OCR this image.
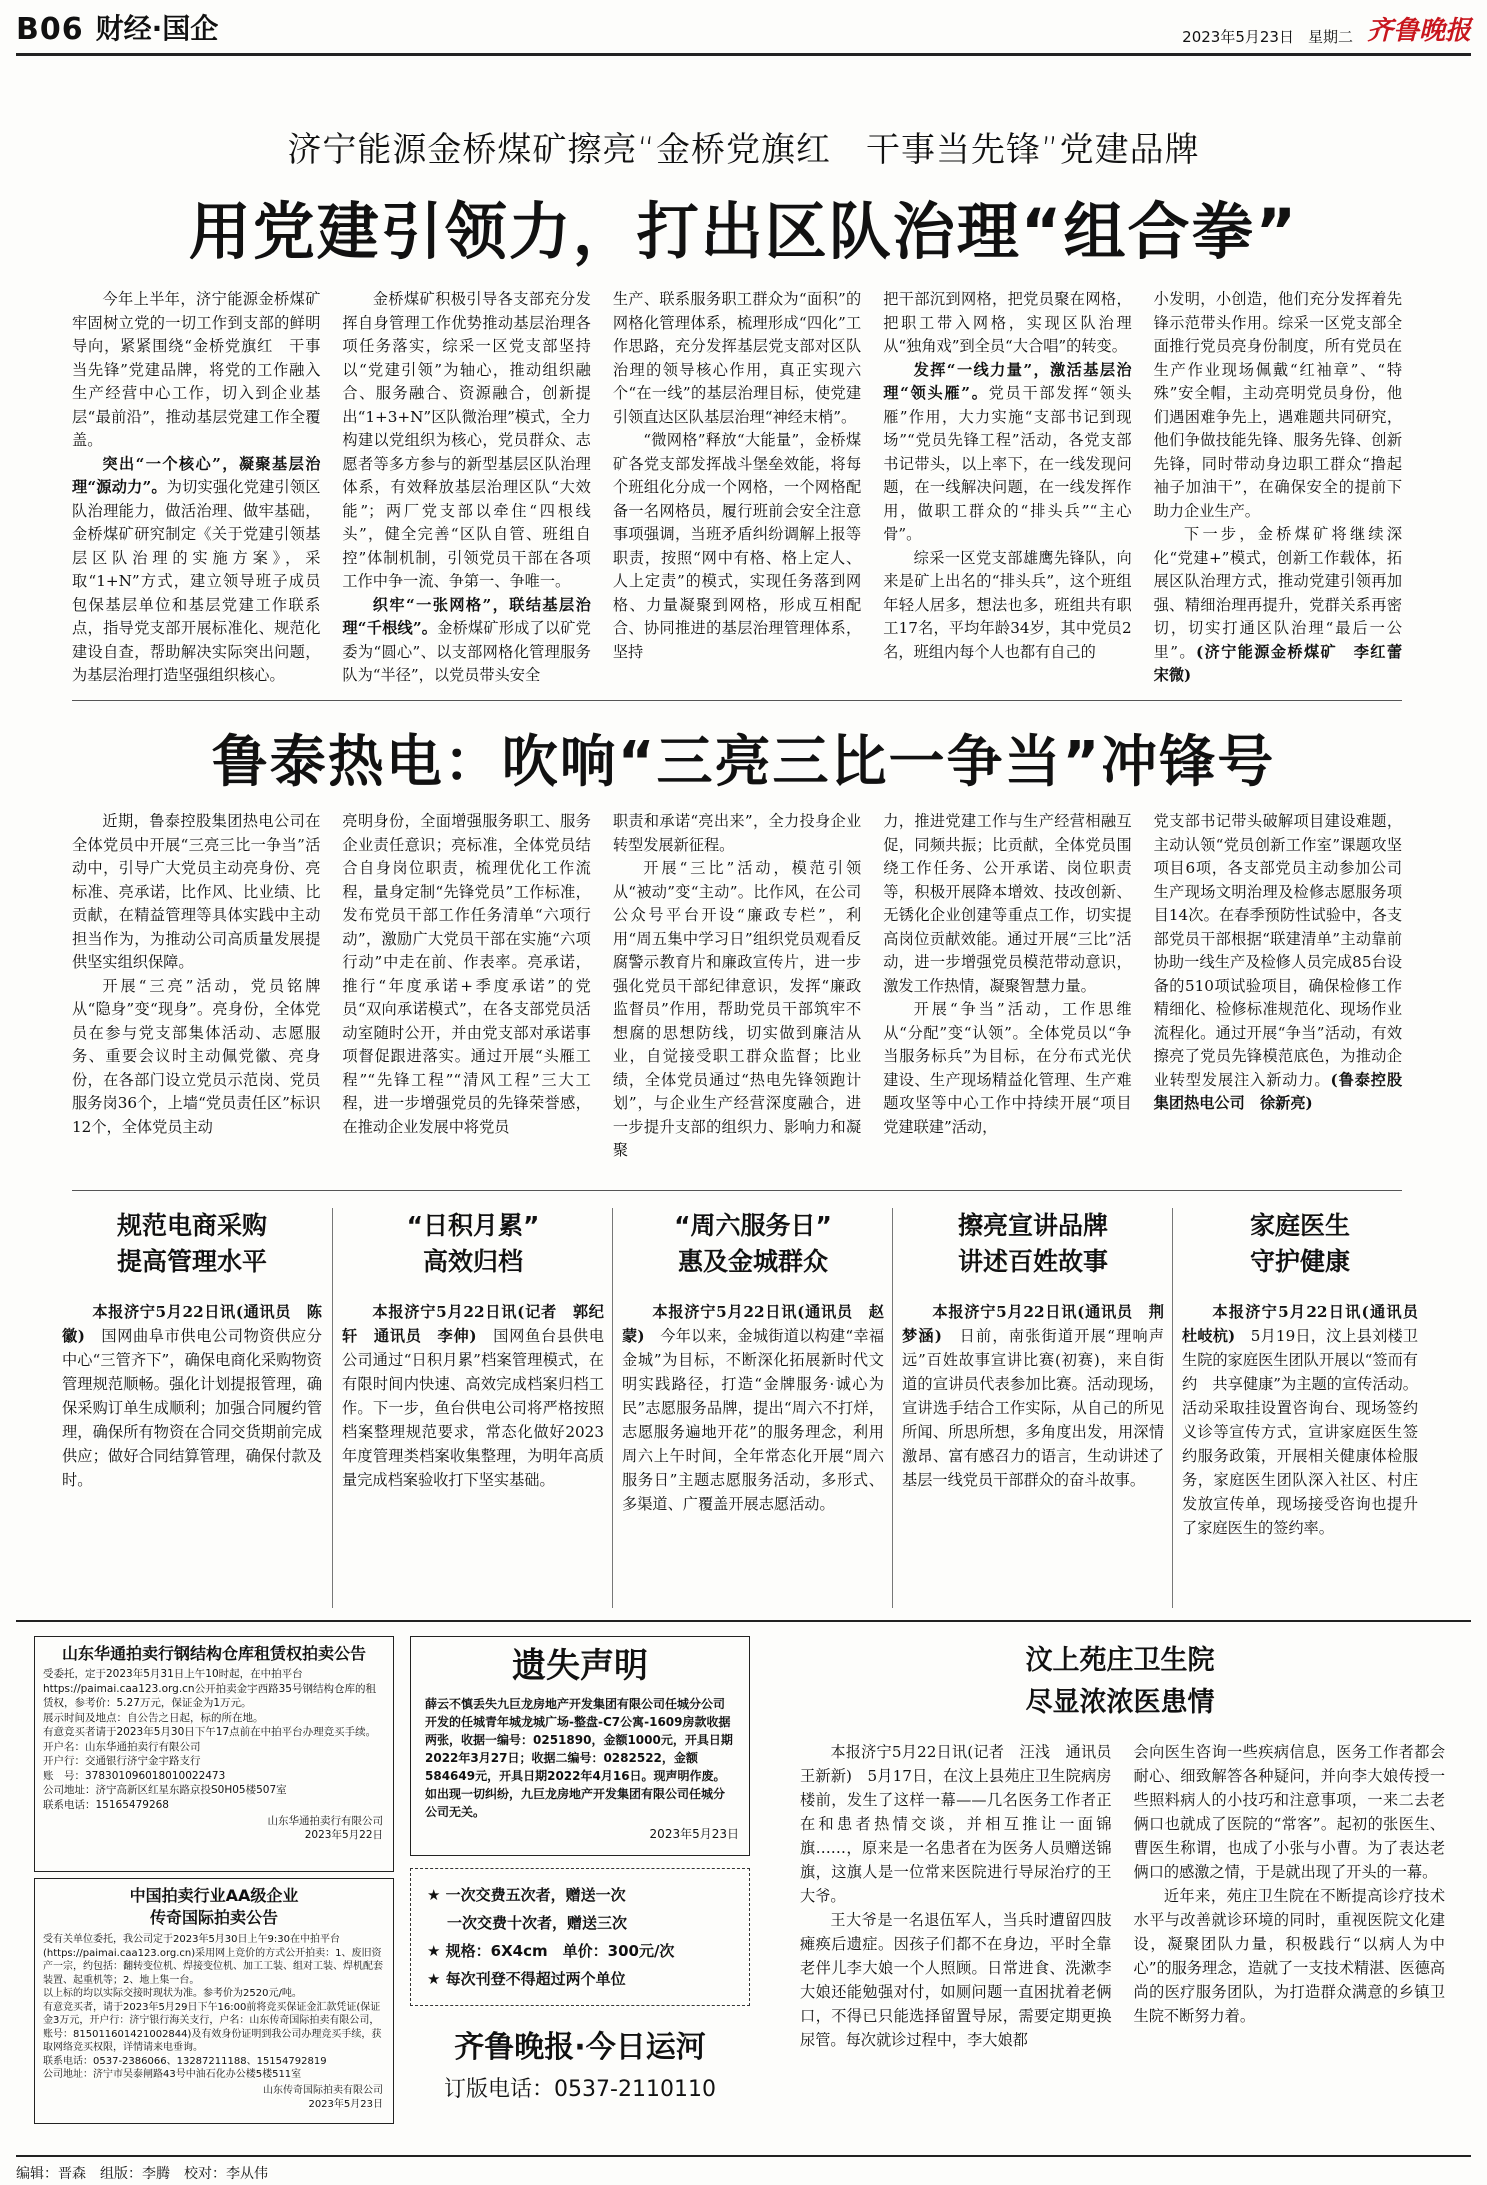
B06 财经·国企	2023年5月23日 星期二 齐鲁晚报
济宁能源金桥煤矿擦亮“金桥党旗红　干事当先锋”党建品牌
用党建引领力，打出区队治理“组合拳”

今年上半年，济宁能源金桥煤矿牢固树立党的一切工作到支部的鲜明导向，紧紧围绕“金桥党旗红　干事当先锋”党建品牌，将党的工作融入生产经营中心工作，切入到企业基层“最前沿”，推动基层党建工作全覆盖。

突出“一个核心”，凝聚基层治理“源动力”。为切实强化党建引领区队治理能力，做活治理、做牢基础，金桥煤矿研究制定《关于党建引领基层区队治理的实施方案》，采取“1+N”方式，建立领导班子成员包保基层单位和基层党建工作联系点，指导党支部开展标准化、规范化建设自查，帮助解决实际突出问题，为基层治理打造坚强组织核心。

金桥煤矿积极引导各支部充分发挥自身管理工作优势推动基层治理各项任务落实，综采一区党支部坚持以“党建引领”为轴心，推动组织融合、服务融合、资源融合，创新提出“1+3+N”区队微治理”模式，全力构建以党组织为核心，党员群众、志愿者等多方参与的新型基层区队治理体系，有效释放基层治理区队“大效能”；两厂党支部以牵住“四根线头”，健全完善“区队自管、班组自控”体制机制，引领党员干部在各项工作中争一流、争第一、争唯一。

织牢“一张网格”，联结基层治理“千根线”。金桥煤矿形成了以矿党委为“圆心”、以支部网格化管理服务队为“半径”，以党员带头安全

生产、联系服务职工群众为“面积”的网格化管理体系，梳理形成“四化”工作思路，充分发挥基层党支部对区队治理的领导核心作用，真正实现六个“在一线”的基层治理目标，使党建引领直达区队基层治理“神经末梢”。

“微网格”释放“大能量”，金桥煤矿各党支部发挥战斗堡垒效能，将每个班组化分成一个网格，一个网格配备一名网格员，履行班前会安全注意事项强调，当班矛盾纠纷调解上报等职责，按照“网中有格、格上定人、人上定责”的模式，实现任务落到网格、力量凝聚到网格，形成互相配合、协同推进的基层治理管理体系，坚持

把干部沉到网格，把党员聚在网格，把职工带入网格，实现区队治理从“独角戏”到全员“大合唱”的转变。

发挥“一线力量”，激活基层治理“领头雁”。党员干部发挥“领头雁”作用，大力实施“支部书记到现场”“党员先锋工程”活动，各党支部书记带头，以上率下，在一线发现问题，在一线解决问题，在一线发挥作用，做职工群众的“排头兵”“主心骨”。

综采一区党支部雄鹰先锋队，向来是矿上出名的“排头兵”，这个班组年轻人居多，想法也多，班组共有职工17名，平均年龄34岁，其中党员2名，班组内每个人也都有自己的

小发明，小创造，他们充分发挥着先锋示范带头作用。综采一区党支部全面推行党员亮身份制度，所有党员在生产作业现场佩戴“红袖章”、“特殊”安全帽，主动亮明党员身份，他们遇困难争先上，遇难题共同研究，他们争做技能先锋、服务先锋、创新先锋，同时带动身边职工群众“撸起袖子加油干”，在确保安全的提前下助力企业生产。

下一步，金桥煤矿将继续深化“党建+”模式，创新工作载体，拓展区队治理方式，推动党建引领再加强、精细治理再提升，党群关系再密切，切实打通区队治理“最后一公里”。(济宁能源金桥煤矿　李红蕾　宋微)

鲁泰热电：吹响“三亮三比一争当”冲锋号

近期，鲁泰控股集团热电公司在全体党员中开展“三亮三比一争当”活动中，引导广大党员主动亮身份、亮标准、亮承诺，比作风、比业绩、比贡献，在精益管理等具体实践中主动担当作为，为推动公司高质量发展提供坚实组织保障。

开展“三亮”活动，党员铭牌从“隐身”变“现身”。亮身份，全体党员在参与党支部集体活动、志愿服务、重要会议时主动佩党徽、亮身份，在各部门设立党员示范岗、党员服务岗36个，上墙“党员责任区”标识12个，全体党员主动

亮明身份，全面增强服务职工、服务企业责任意识；亮标准，全体党员结合自身岗位职责，梳理优化工作流程，量身定制“先锋党员”工作标准，发布党员干部工作任务清单“六项行动”，激励广大党员干部在实施“六项行动”中走在前、作表率。亮承诺，推行“年度承诺+季度承诺”的党员“双向承诺模式”，在各支部党员活动室随时公开，并由党支部对承诺事项督促跟进落实。通过开展“头雁工程”“先锋工程”“清风工程”三大工程，进一步增强党员的先锋荣誉感，在推动企业发展中将党员
职责和承诺“亮出来”，全力投身企业转型发展新征程。

开展“三比”活动，模范引领从“被动”变“主动”。比作风，在公司公众号平台开设“廉政专栏”，利用“周五集中学习日”组织党员观看反腐警示教育片和廉政宣传片，进一步强化党员干部纪律意识，发挥“廉政监督员”作用，帮助党员干部筑牢不想腐的思想防线，切实做到廉洁从业，自觉接受职工群众监督；比业绩，全体党员通过“热电先锋领跑计划”，与企业生产经营深度融合，进一步提升支部的组织力、影响力和凝聚

力，推进党建工作与生产经营相融互促，同频共振；比贡献，全体党员围绕工作任务、公开承诺、岗位职责等，积极开展降本增效、技改创新、无锈化企业创建等重点工作，切实提高岗位贡献效能。通过开展“三比”活动，进一步增强党员模范带动意识，激发工作热情，凝聚智慧力量。

开展“争当”活动，工作思维从“分配”变“认领”。全体党员以“争当服务标兵”为目标，在分布式光伏建设、生产现场精益化管理、生产难题攻坚等中心工作中持续开展“项目党建联建”活动，

党支部书记带头破解项目建设难题，主动认领“党员创新工作室”课题攻坚项目6项，各支部党员主动参加公司生产现场文明治理及检修志愿服务项目14次。在春季预防性试验中，各支部党员干部根据“联建清单”主动靠前协助一线生产及检修人员完成85台设备的510项试验项目，确保检修工作精细化、检修标准规范化、现场作业流程化。通过开展“争当”活动，有效擦亮了党员先锋模范底色，为推动企业转型发展注入新动力。(鲁泰控股集团热电公司　徐新亮)
规范电商采购
提高管理水平
本报济宁5月22日讯(通讯员　陈徽)　 国网曲阜市供电公司物资供应分中心“三管齐下”，确保电商化采购物资管理规范顺畅。强化计划提报管理，确保采购订单生成顺利；加强合同履约管理，确保所有物资在合同交货期前完成供应；做好合同结算管理，确保付款及时。
“日积月累”
高效归档
本报济宁5月22日讯(记者　郭纪轩　通讯员　李伸)　 国网鱼台县供电公司通过“日积月累”档案管理模式，在有限时间内快速、高效完成档案归档工作。下一步，鱼台供电公司将严格按照档案整理规范要求，常态化做好2023年度管理类档案收集整理，为明年高质量完成档案验收打下坚实基础。
“周六服务日”
惠及金城群众
本报济宁5月22日讯(通讯员　赵蒙)　 今年以来，金城街道以构建“幸福金城”为目标，不断深化拓展新时代文明实践路径，打造“金牌服务·诚心为民”志愿服务品牌，提出“周六不打烊，志愿服务遍地开花”的服务理念，利用周六上午时间，全年常态化开展“周六服务日”主题志愿服务活动，多形式、多渠道、广覆盖开展志愿活动。
擦亮宣讲品牌
讲述百姓故事
本报济宁5月22日讯(通讯员　荆梦涵)　 日前，南张街道开展“理响声远”百姓故事宣讲比赛(初赛)，来自街道的宣讲员代表参加比赛。活动现场，宣讲选手结合工作实际，从自己的所见所闻、所思所想，多角度出发，用深情激昂、富有感召力的语言，生动讲述了基层一线党员干部群众的奋斗故事。
家庭医生
守护健康
本报济宁5月22日讯(通讯员　杜岐杭)　 5月19日，汶上县刘楼卫生院的家庭医生团队开展以“签而有约　共享健康”为主题的宣传活动。活动采取挂设置咨询台、现场签约义诊等宣传方式，宣讲家庭医生签约服务政策，开展相关健康体检服务，家庭医生团队深入社区、村庄发放宣传单，现场接受咨询也提升了家庭医生的签约率。
山东华通拍卖行钢结构仓库租赁权拍卖公告
受委托，定于2023年5月31日上午10时起，在中拍平台https://paimai.caa123.org.cn公开拍卖金宇西路35号钢结构仓库的租赁权，参考价：5.27万元，保证金为1万元。
展示时间及地点：自公告之日起，标的所在地。
有意竞买者请于2023年5月30日下午17点前在中拍平台办理竞买手续。
开户名：山东华通拍卖行有限公司
开户行：交通银行济宁金宇路支行
账　号：378301096018010022473
公司地址：济宁高新区红星东路京投S0H05楼507室
联系电话：15165479268
山东华通拍卖行有限公司
2023年5月22日
中国拍卖行业AA级企业
传奇国际拍卖公告
受有关单位委托，我公司定于2023年5月30日上午9:30在中拍平台(https://paimai.caa123.org.cn)采用网上竞价的方式公开拍卖：1、废旧资产一宗，约包括：翻转变位机、焊接变位机、加工工装、组对工装、焊机配套装置、起重机等；2、地上集一台。
以上标的均以实际交接时现状为准。参考价为2520元/吨。
有意竞买者，请于2023年5月29日下午16:00前将竞买保证金汇款凭证(保证金3万元，开户行：济宁银行海关支行，户名：山东传奇国际拍卖有限公司，账号：815011601421002844)及有效身份证明到我公司办理竞买手续，获取网络竞买权限，详情请来电垂询。
联系电话：0537-2386066、13287211188、15154792819
公司地址：济宁市吴泰闸路43号中油石化办公楼5楼511室
山东传奇国际拍卖有限公司
2023年5月23日
遗失声明
薛云不慎丢失九巨龙房地产开发集团有限公司任城分公司开发的任城青年城龙城广场-整盘-C7公寓-1609房款收据两张，收据一编号：0251890，金额1000元，开具日期2022年3月27日；收据二编号：0282522，金额584649元，开具日期2022年4月16日。现声明作废。如出现一切纠纷，九巨龙房地产开发集团有限公司任城分公司无关。
2023年5月23日
★ 一次交费五次者，赠送一次
一次交费十次者，赠送三次
★ 规格：6X4cm　单价：300元/次
★ 每次刊登不得超过两个单位
齐鲁晚报·今日运河
订版电话：0537-2110110
汶上苑庄卫生院
尽显浓浓医患情

本报济宁5月22日讯(记者　汪浅　通讯员　王新新)　5月17日，在汶上县苑庄卫生院病房楼前，发生了这样一幕——几名医务工作者正在和患者热情交谈，并相互推让一面锦旗……，原来是一名患者在为医务人员赠送锦旗，这旗人是一位常来医院进行导尿治疗的王大爷。

王大爷是一名退伍军人，当兵时遭留四肢瘫痪后遗症。因孩子们都不在身边，平时全靠老伴儿李大娘一个人照顾。日常进食、洗漱李大娘还能勉强对付，如厕问题一直困扰着老俩口，不得已只能选择留置导尿，需要定期更换尿管。每次就诊过程中，李大娘都

会向医生咨询一些疾病信息，医务工作者都会耐心、细致解答各种疑问，并向李大娘传授一些照料病人的小技巧和注意事项，一来二去老俩口也就成了医院的“常客”。起初的张医生、曹医生称谓，也成了小张与小曹。为了表达老俩口的感激之情，于是就出现了开头的一幕。

近年来，苑庄卫生院在不断提高诊疗技术水平与改善就诊环境的同时，重视医院文化建设，凝聚团队力量，积极践行“以病人为中心”的服务理念，造就了一支技术精湛、医德高尚的医疗服务团队，为打造群众满意的乡镇卫生院不断努力着。

编辑：晋森　组版：李腾　校对：李从伟
